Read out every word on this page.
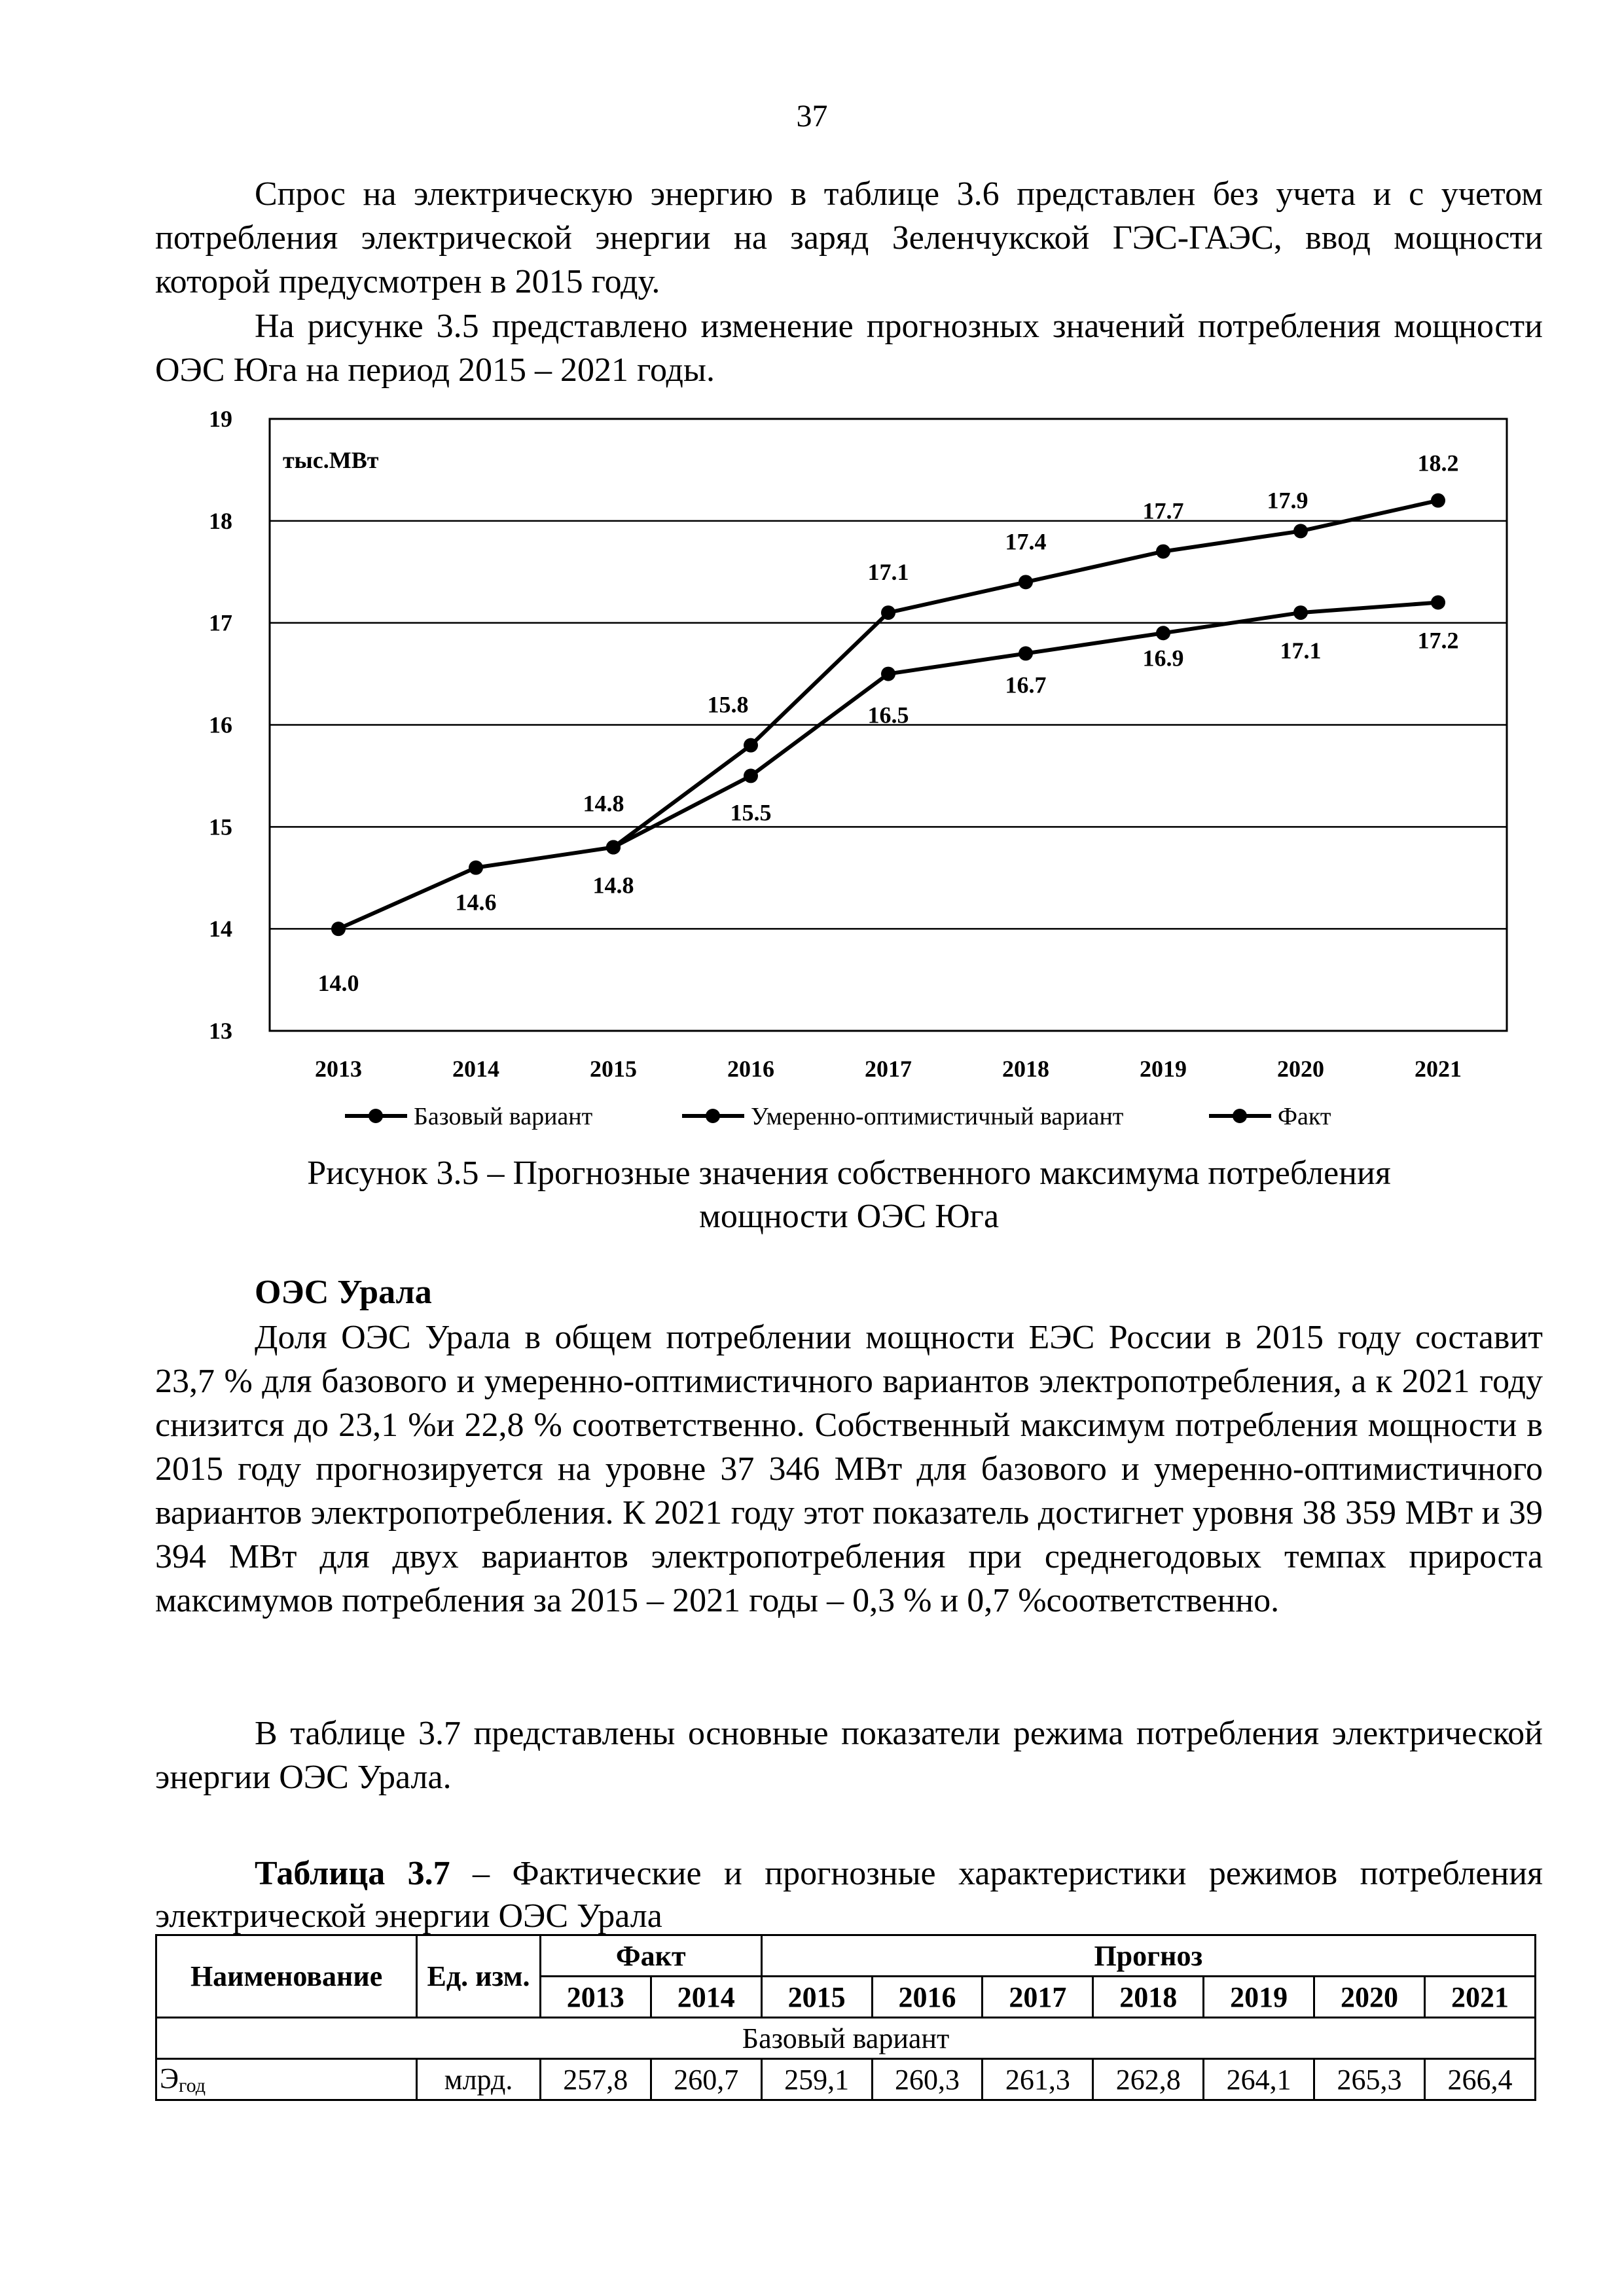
37

Спрос на электрическую энергию в таблице 3.6 представлен без учета и с учетом потребления электрической энергии на заряд Зеленчукской ГЭС-ГАЭС, ввод мощности которой предусмотрен в 2015 году.

На рисунке 3.5 представлено изменение прогнозных значений потребления мощности ОЭС Юга на период 2015 – 2021 годы.

13
14
15
16
17
18
19
2013	2014	2015	2016	2017	2018	2019	2020	2021
тыс.МВт
15.5
16.5
16.7
16.9	17.1	17.2
14.8
15.8
17.1
17.4
17.7	17.9
18.2
14.0
14.6
14.8
Базовый вариант	Умеренно-оптимистичный вариант	Факт
Рисунок 3.5 – Прогнозные значения собственного максимума потребления
мощности ОЭС Юга
ОЭС Урала

Доля ОЭС Урала в общем потреблении мощности ЕЭС России в 2015 году составит 23,7 % для базового и умеренно-оптимистичного вариантов электропотребления, а к 2021 году снизится до 23,1 %и 22,8 % соответственно. Собственный максимум потребления мощности в 2015 году прогнозируется на уровне 37 346 МВт для базового и умеренно-оптимистичного вариантов электропотребления. К 2021 году этот показатель достигнет уровня 38 359 МВт и 39 394 МВт для двух вариантов электропотребления при среднегодовых темпах прироста максимумов потребления за 2015 – 2021 годы – 0,3 % и 0,7 %соответственно.

В таблице 3.7 представлены основные показатели режима потребления электрической энергии ОЭС Урала.

Таблица 3.7 – Фактические и прогнозные характеристики режимов потребления электрической энергии ОЭС Урала
Наименование	Ед. изм.	Факт		Прогноз						
		2013	2014	2015	2016	2017	2018	2019	2020	2021
Базовый вариант										
$Э_{год}$	млрд.	257,8	260,7	259,1	260,3	261,3	262,8	264,1	265,3	266,4
